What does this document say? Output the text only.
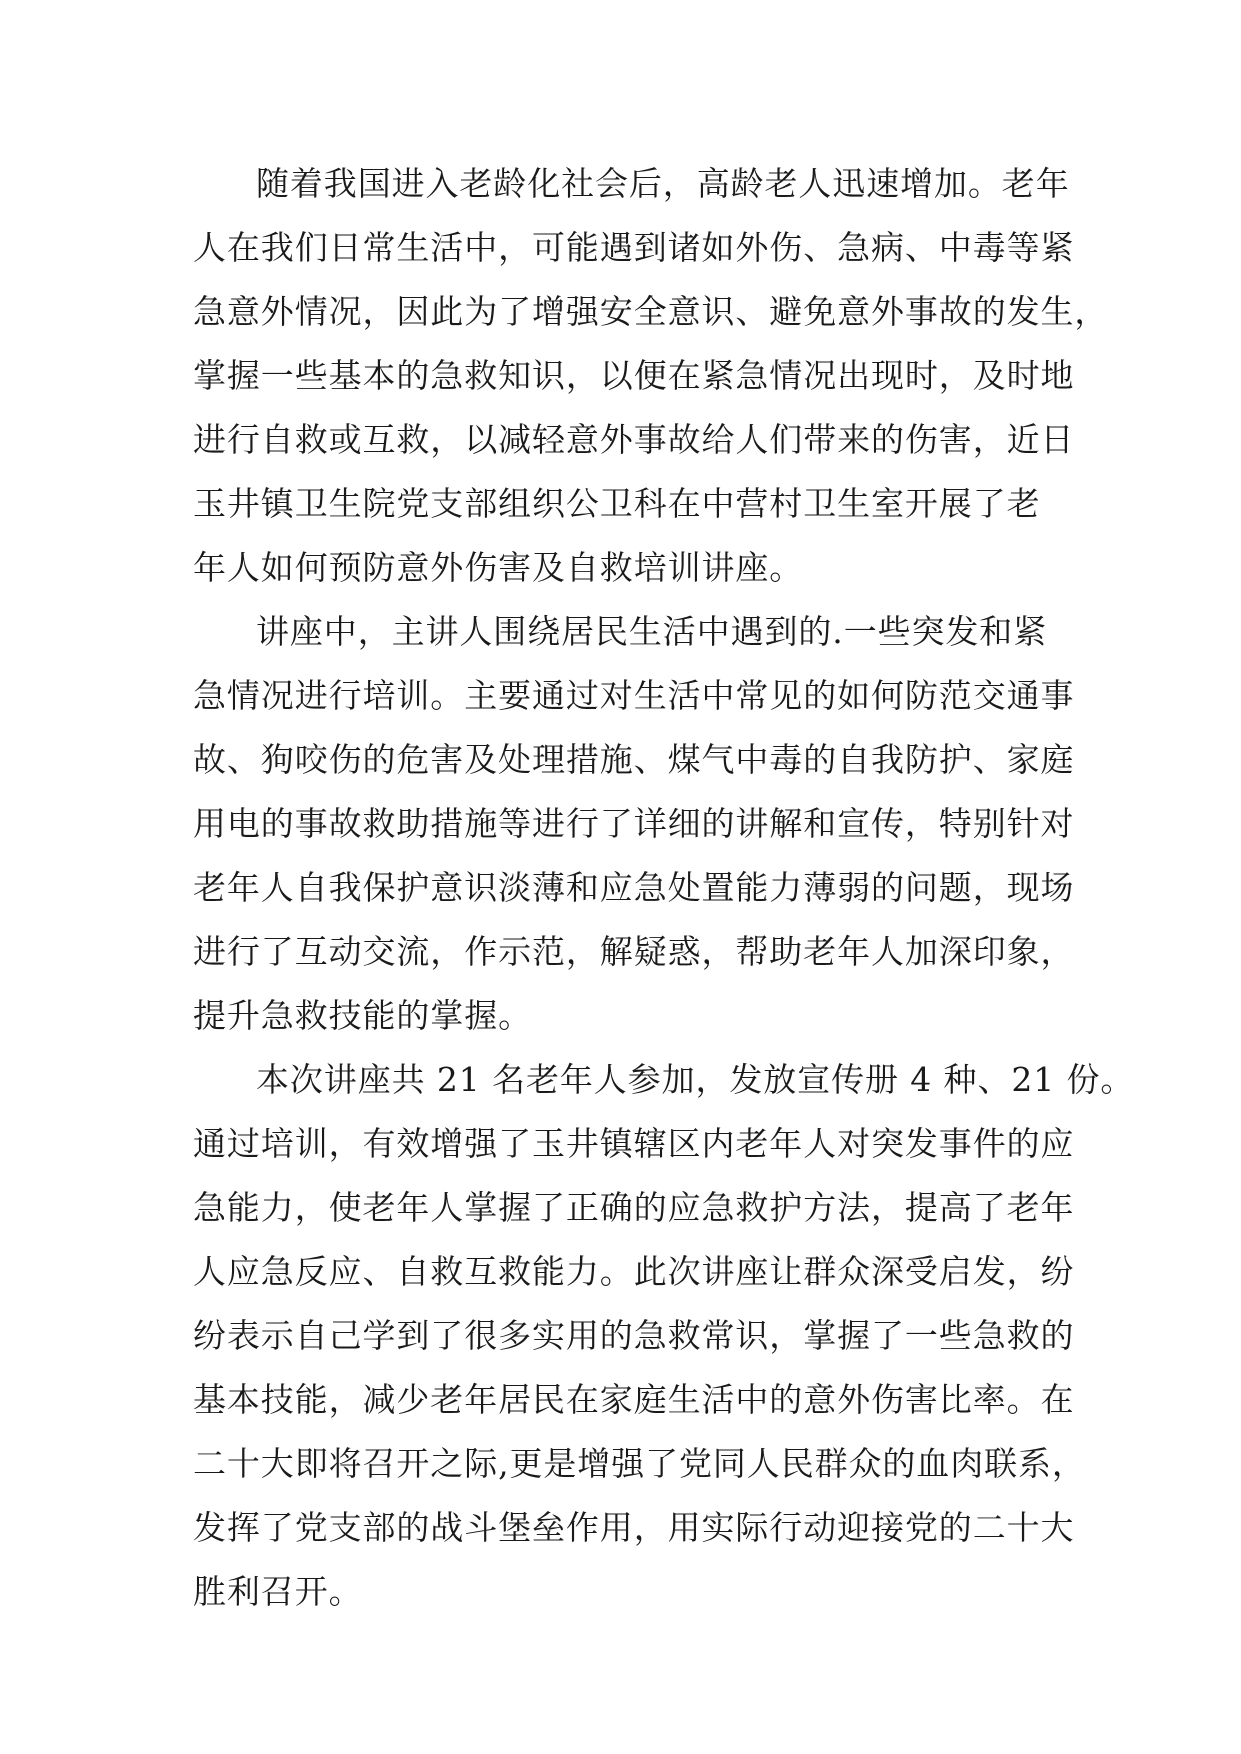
随着我国进入老龄化社会后，高龄老人迅速增加。老年
人在我们日常生活中，可能遇到诸如外伤、急病、中毒等紧
急意外情况，因此为了增强安全意识、避免意外事故的发生，
掌握一些基本的急救知识，以便在紧急情况出现时，及时地
进行自救或互救，以减轻意外事故给人们带来的伤害，近日
玉井镇卫生院党支部组织公卫科在中营村卫生室开展了老
年人如何预防意外伤害及自救培训讲座。
讲座中，主讲人围绕居民生活中遇到的.一些突发和紧
急情况进行培训。主要通过对生活中常见的如何防范交通事
故、狗咬伤的危害及处理措施、煤气中毒的自我防护、家庭
用电的事故救助措施等进行了详细的讲解和宣传，特别针对
老年人自我保护意识淡薄和应急处置能力薄弱的问题，现场
进行了互动交流，作示范，解疑惑，帮助老年人加深印象，
提升急救技能的掌握。
本次讲座共 21 名老年人参加，发放宣传册 4 种、21 份。
通过培训，有效增强了玉井镇辖区内老年人对突发事件的应
急能力，使老年人掌握了正确的应急救护方法，提高了老年
人应急反应、自救互救能力。此次讲座让群众深受启发，纷
纷表示自己学到了很多实用的急救常识，掌握了一些急救的
基本技能，减少老年居民在家庭生活中的意外伤害比率。在
二十大即将召开之际,更是增强了党同人民群众的血肉联系，
发挥了党支部的战斗堡垒作用，用实际行动迎接党的二十大
胜利召开。
